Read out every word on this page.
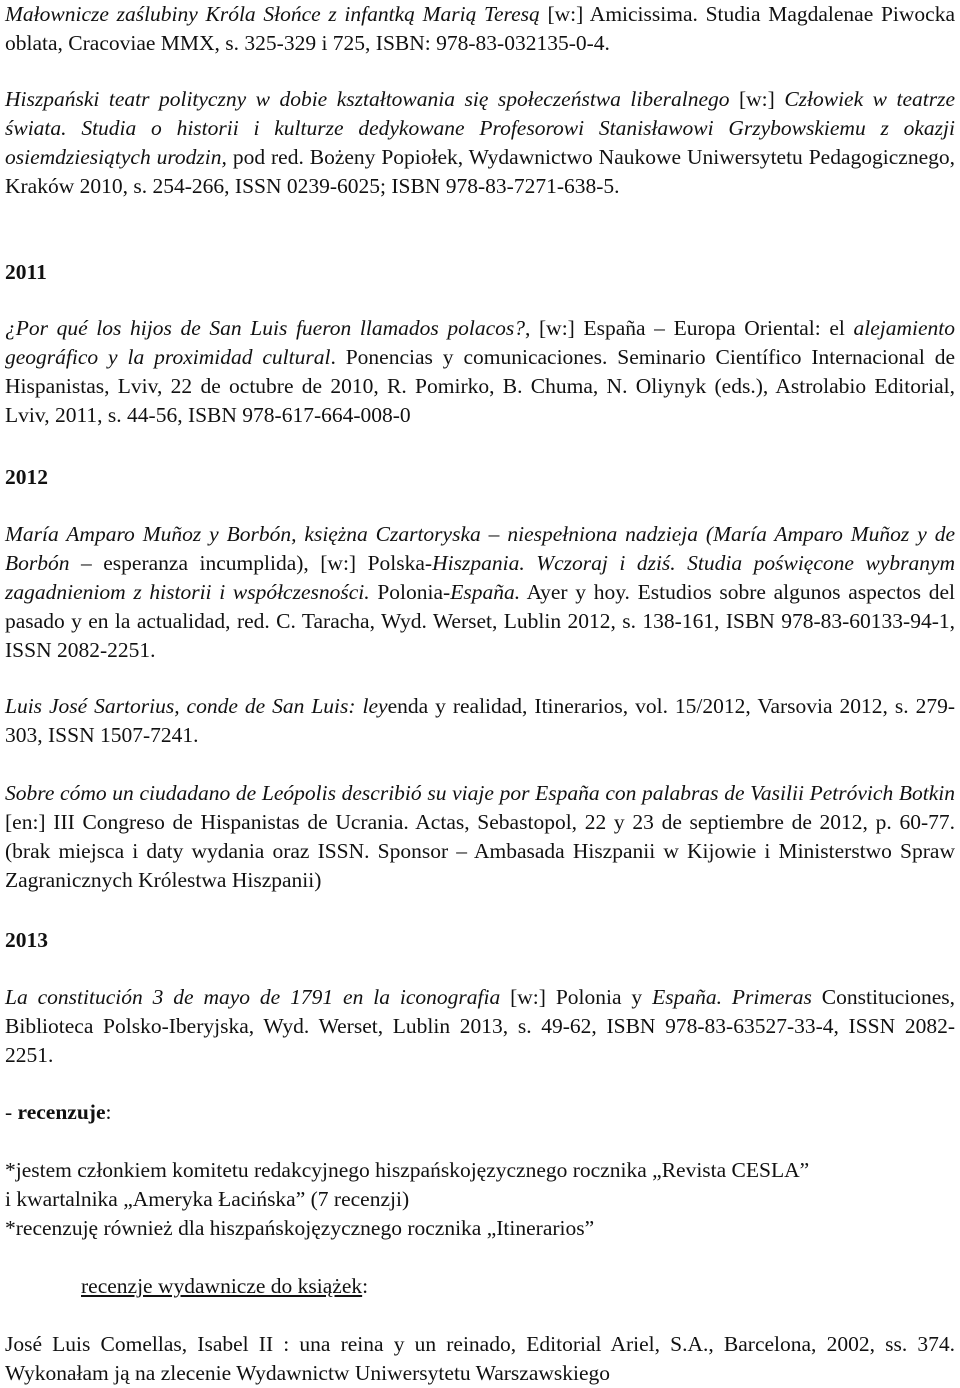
Małownicze zaślubiny Króla Słońce z infantką Marią Teresą [w:] Amicissima. Studia Magdalenae Piwocka oblata, Cracoviae MMX, s. 325-329 i 725, ISBN: 978-83-032135-0-4.

Hiszpański teatr polityczny w dobie kształtowania się społeczeństwa liberalnego [w:] Człowiek w teatrze świata. Studia o historii i kulturze dedykowane Profesorowi Stanisławowi Grzybowskiemu z okazji osiemdziesiątych urodzin, pod red. Bożeny Popiołek, Wydawnictwo Naukowe Uniwersytetu Pedagogicznego, Kraków 2010, s. 254-266, ISSN 0239-6025; ISBN 978-83-7271-638-5.

2011

¿Por qué los hijos de San Luis fueron llamados polacos?, [w:] España – Europa Oriental: el alejamiento geográfico y la proximidad cultural. Ponencias y comunicaciones. Seminario Científico Internacional de Hispanistas, Lviv, 22 de octubre de 2010, R. Pomirko, B. Chuma, N. Oliynyk (eds.), Astrolabio Editorial, Lviv, 2011, s. 44-56, ISBN 978-617-664-008-0

2012

María Amparo Muñoz y Borbón, księżna Czartoryska – niespełniona nadzieja (María Amparo Muñoz y de Borbón – esperanza incumplida), [w:] Polska-Hiszpania. Wczoraj i dziś. Studia poświęcone wybranym zagadnieniom z historii i współczesności. Polonia-España. Ayer y hoy. Estudios sobre algunos aspectos del pasado y en la actualidad, red. C. Taracha, Wyd. Werset, Lublin 2012, s. 138-161, ISBN 978-83-60133-94-1, ISSN 2082-2251.

Luis José Sartorius, conde de San Luis: leyenda y realidad, Itinerarios, vol. 15/2012, Varsovia 2012, s. 279-303, ISSN 1507-7241.

Sobre cómo un ciudadano de Leópolis describió su viaje por España con palabras de Vasilii Petróvich Botkin [en:] III Congreso de Hispanistas de Ucrania. Actas, Sebastopol, 22 y 23 de septiembre de 2012, p. 60-77. (brak miejsca i daty wydania oraz ISSN. Sponsor – Ambasada Hiszpanii w Kijowie i Ministerstwo Spraw Zagranicznych Królestwa Hiszpanii)

2013

La constitución 3 de mayo de 1791 en la iconografia [w:] Polonia y España. Primeras Constituciones, Biblioteca Polsko-Iberyjska, Wyd. Werset, Lublin 2013, s. 49-62, ISBN 978-83-63527-33-4, ISSN 2082-2251.

- recenzuje:

*jestem członkiem komitetu redakcyjnego hiszpańskojęzycznego rocznika „Revista CESLA”

i kwartalnika „Ameryka Łacińska” (7 recenzji)

*recenzuję również dla hiszpańskojęzycznego rocznika „Itinerarios”

recenzje wydawnicze do książek:

José Luis Comellas, Isabel II : una reina y un reinado, Editorial Ariel, S.A., Barcelona, 2002, ss. 374. Wykonałam ją na zlecenie Wydawnictw Uniwersytetu Warszawskiego
